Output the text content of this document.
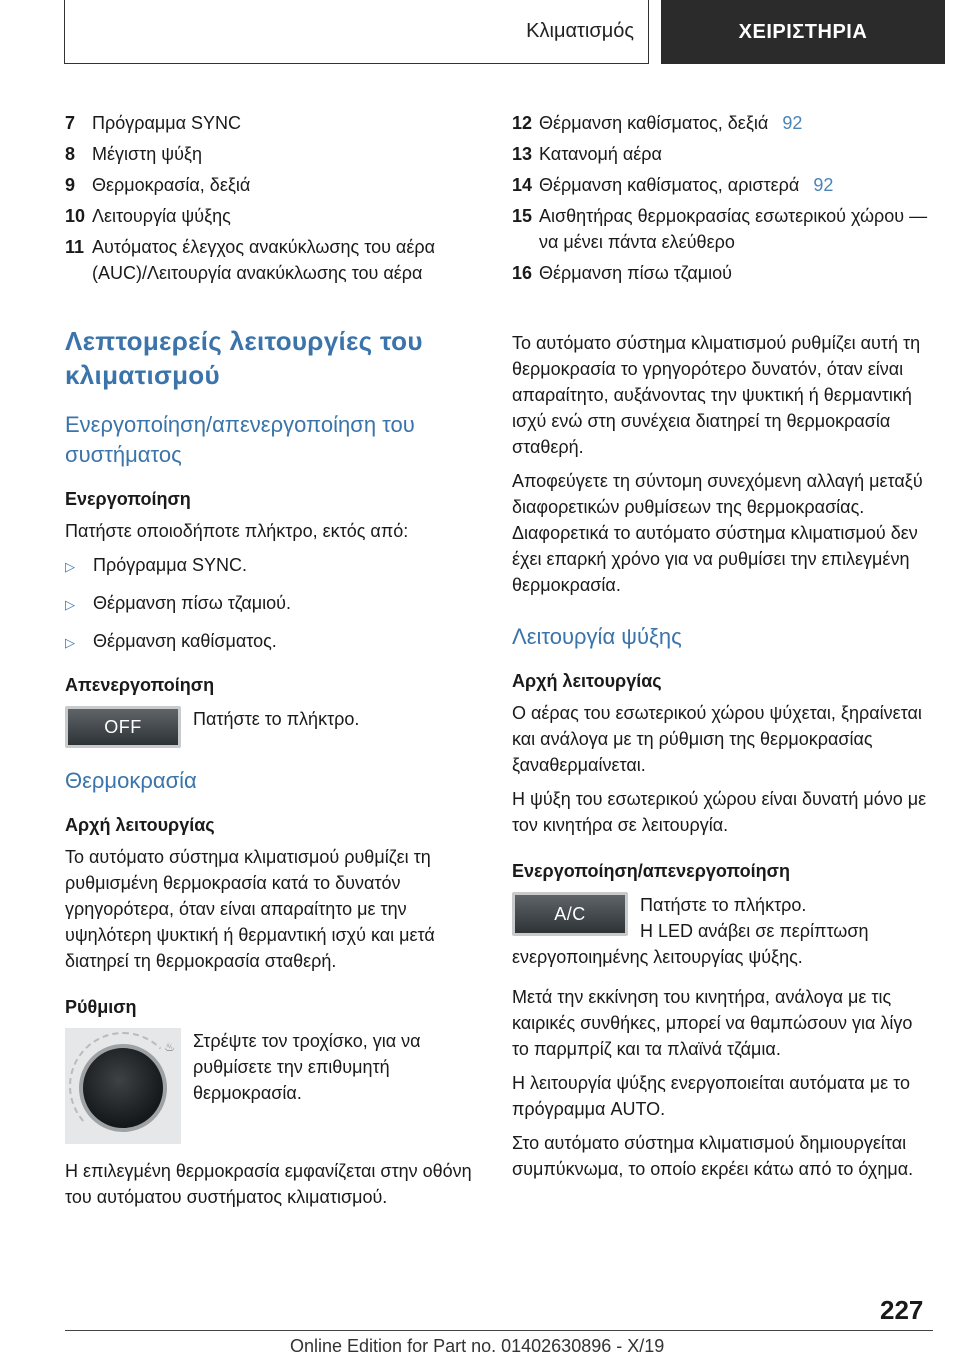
Κλιματισμός	ΧΕΙΡΙΣΤΗΡΙΑ
7 Πρόγραμμα SYNC
8 Μέγιστη ψύξη
9 Θερμοκρασία, δεξιά
10 Λειτουργία ψύξης
11 Αυτόματος έλεγχος ανακύκλωσης του αέρα (AUC)/Λειτουργία ανακύκλωσης του αέρα
Λεπτομερείς λειτουργίες του κλιματισμού
Ενεργοποίηση/απενεργοποίηση του συστήματος
Ενεργοποίηση

Πατήστε οποιοδήποτε πλήκτρο, εκτός από:

▷	Πρόγραμμα SYNC.
▷	Θέρμανση πίσω τζαμιού.
▷	Θέρμανση καθίσματος.
Απενεργοποίηση
OFF	Πατήστε το πλήκτρο.
Θερμοκρασία
Αρχή λειτουργίας

Το αυτόματο σύστημα κλιματισμού ρυθμίζει τη ρυθμισμένη θερμοκρασία κατά το δυνατόν γρηγορότερα, όταν είναι απαραίτητο με την υψηλότερη ψυκτική ή θερμαντική ισχύ και μετά διατηρεί τη θερμοκρασία σταθερή.

Ρύθμιση
♨ Στρέψτε τον τροχίσκο, για να ρυθμίσετε την επιθυμητή θερμοκρασία.

Η επιλεγμένη θερμοκρασία εμφανίζεται στην οθόνη του αυτόματου συστήματος κλιματισμού.

12 Θέρμανση καθίσματος, δεξιά 92
13 Κατανομή αέρα
14 Θέρμανση καθίσματος, αριστερά 92
15 Αισθητήρας θερμοκρασίας εσωτερικού χώρου — να μένει πάντα ελεύθερο
16 Θέρμανση πίσω τζαμιού

Το αυτόματο σύστημα κλιματισμού ρυθμίζει αυτή τη θερμοκρασία το γρηγορότερο δυνατόν, όταν είναι απαραίτητο, αυξάνοντας την ψυκτική ή θερμαντική ισχύ ενώ στη συνέχεια διατηρεί τη θερμοκρασία σταθερή.

Αποφεύγετε τη σύντομη συνεχόμενη αλλαγή μεταξύ διαφορετικών ρυθμίσεων της θερμοκρασίας. Διαφορετικά το αυτόματο σύστημα κλιματισμού δεν έχει επαρκή χρόνο για να ρυθμίσει την επιλεγμένη θερμοκρασία.

Λειτουργία ψύξης
Αρχή λειτουργίας

Ο αέρας του εσωτερικού χώρου ψύχεται, ξηραίνεται και ανάλογα με τη ρύθμιση της θερμοκρασίας ξαναθερμαίνεται.

Η ψύξη του εσωτερικού χώρου είναι δυνατή μόνο με τον κινητήρα σε λειτουργία.

Ενεργοποίηση/απενεργοποίηση
A/C	Πατήστε το πλήκτρο.

Η LED ανάβει σε περίπτωση ενεργοποιημένης λειτουργίας ψύξης.

Μετά την εκκίνηση του κινητήρα, ανάλογα με τις καιρικές συνθήκες, μπορεί να θαμπώσουν για λίγο το παρμπρίζ και τα πλαϊνά τζάμια.

Η λειτουργία ψύξης ενεργοποιείται αυτόματα με το πρόγραμμα AUTO.

Στο αυτόματο σύστημα κλιματισμού δημιουργείται συμπύκνωμα, το οποίο εκρέει κάτω από το όχημα.

227
Online Edition for Part no. 01402630896 - X/19
